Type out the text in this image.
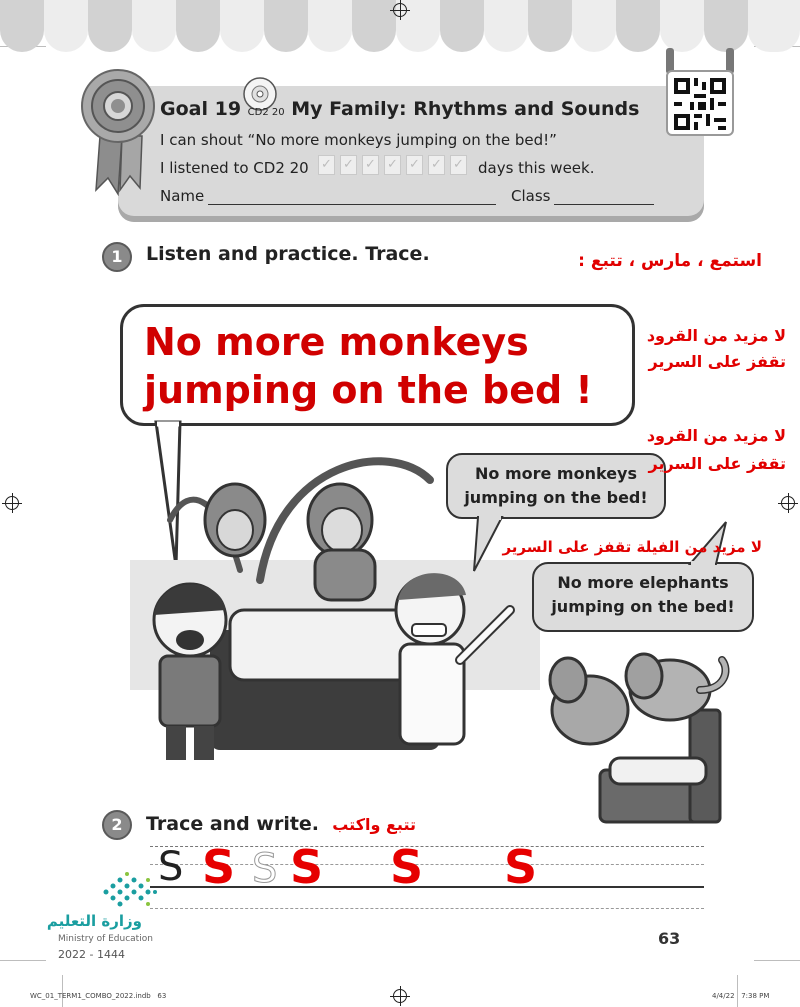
Goal 19 CD2 20 My Family: Rhythms and Sounds
I can shout “No more monkeys jumping on the bed!”
I listened to CD2 20 ✓ ✓ ✓ ✓ ✓ ✓ ✓ days this week.
Name	Class
1	Listen and practice. Trace.	استمع ، مارس ، تتبع :
No more monkeys
jumping on the bed !
لا مزيد من القرود
تقفز على السرير
لا مزيد من القرود
No more monkeys
jumping on the bed!
تقفز على السرير
No more elephants
jumping on the bed!
لا مزيد من الفيلة تقفز على السرير
2	Trace and write. تتبع واكتب
S S
S S S S
وزارة التعليم
Ministry of Education
2022 - 1444
63
WC_01_TERM1_COMBO_2022.indb   63	4/4/22   7:38 PM
